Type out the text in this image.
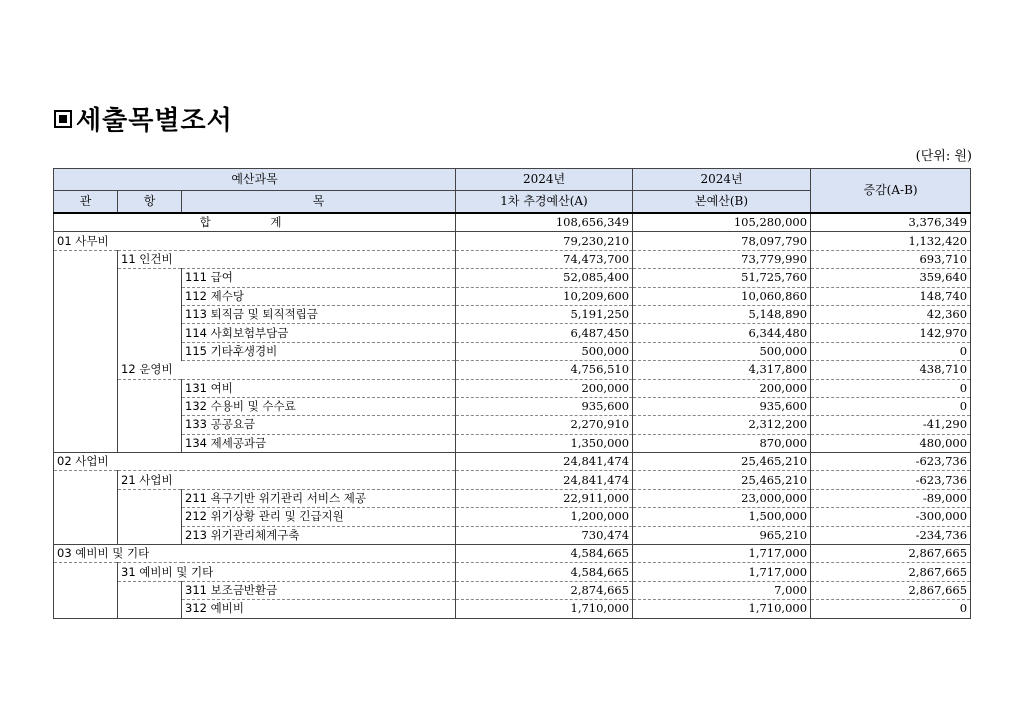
세출목별조서
(단위: 원)
예산과목			2024년	2024년	증감(A-B)
관	항	목	1차 추경예산(A)	본예산(B)	
합 계			108,656,349	105,280,000	3,376,349
01 사무비			79,230,210	78,097,790	1,132,420
	11 인건비		74,473,700	73,779,990	693,710
		111 급여	52,085,400	51,725,760	359,640
		112 제수당	10,209,600	10,060,860	148,740
		113 퇴직금 및 퇴직적립금	5,191,250	5,148,890	42,360
		114 사회보험부담금	6,487,450	6,344,480	142,970
		115 기타후생경비	500,000	500,000	0
	12 운영비		4,756,510	4,317,800	438,710
		131 여비	200,000	200,000	0
		132 수용비 및 수수료	935,600	935,600	0
		133 공공요금	2,270,910	2,312,200	-41,290
		134 제세공과금	1,350,000	870,000	480,000
02 사업비			24,841,474	25,465,210	-623,736
	21 사업비		24,841,474	25,465,210	-623,736
		211 욕구기반 위기관리 서비스 제공	22,911,000	23,000,000	-89,000
		212 위기상황 관리 및 긴급지원	1,200,000	1,500,000	-300,000
		213 위기관리체계구축	730,474	965,210	-234,736
03 예비비 및 기타			4,584,665	1,717,000	2,867,665
	31 예비비 및 기타		4,584,665	1,717,000	2,867,665
		311 보조금반환금	2,874,665	7,000	2,867,665
		312 예비비	1,710,000	1,710,000	0
